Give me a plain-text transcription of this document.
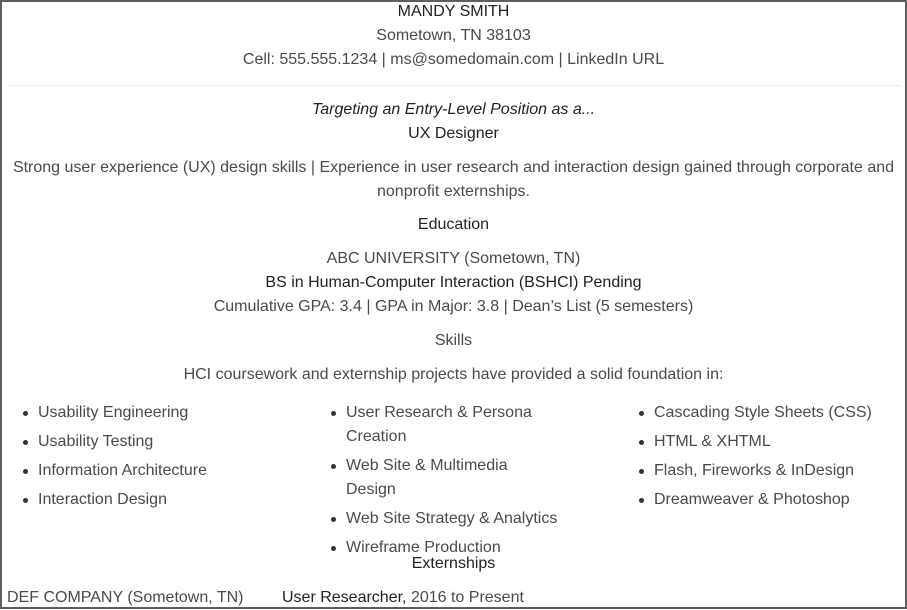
MANDY SMITH
Sometown, TN 38103
Cell: 555.555.1234 | ms@somedomain.com | LinkedIn URL
Targeting an Entry-Level Position as a...
UX Designer
Strong user experience (UX) design skills | Experience in user research and interaction design gained through corporate and nonprofit externships.
Education
ABC UNIVERSITY (Sometown, TN)
BS in Human-Computer Interaction (BSHCI) Pending
Cumulative GPA: 3.4 | GPA in Major: 3.8 | Dean’s List (5 semesters)
Skills
HCI coursework and externship projects have provided a solid foundation in:
Usability Engineering
Usability Testing
Information Architecture
Interaction Design
User Research & Persona Creation
Web Site & Multimedia Design
Web Site Strategy & Analytics
Wireframe Production
Cascading Style Sheets (CSS)
HTML & XHTML
Flash, Fireworks & InDesign
Dreamweaver & Photoshop
Externships
DEF COMPANY (Sometown, TN) User Researcher, 2016 to Present
